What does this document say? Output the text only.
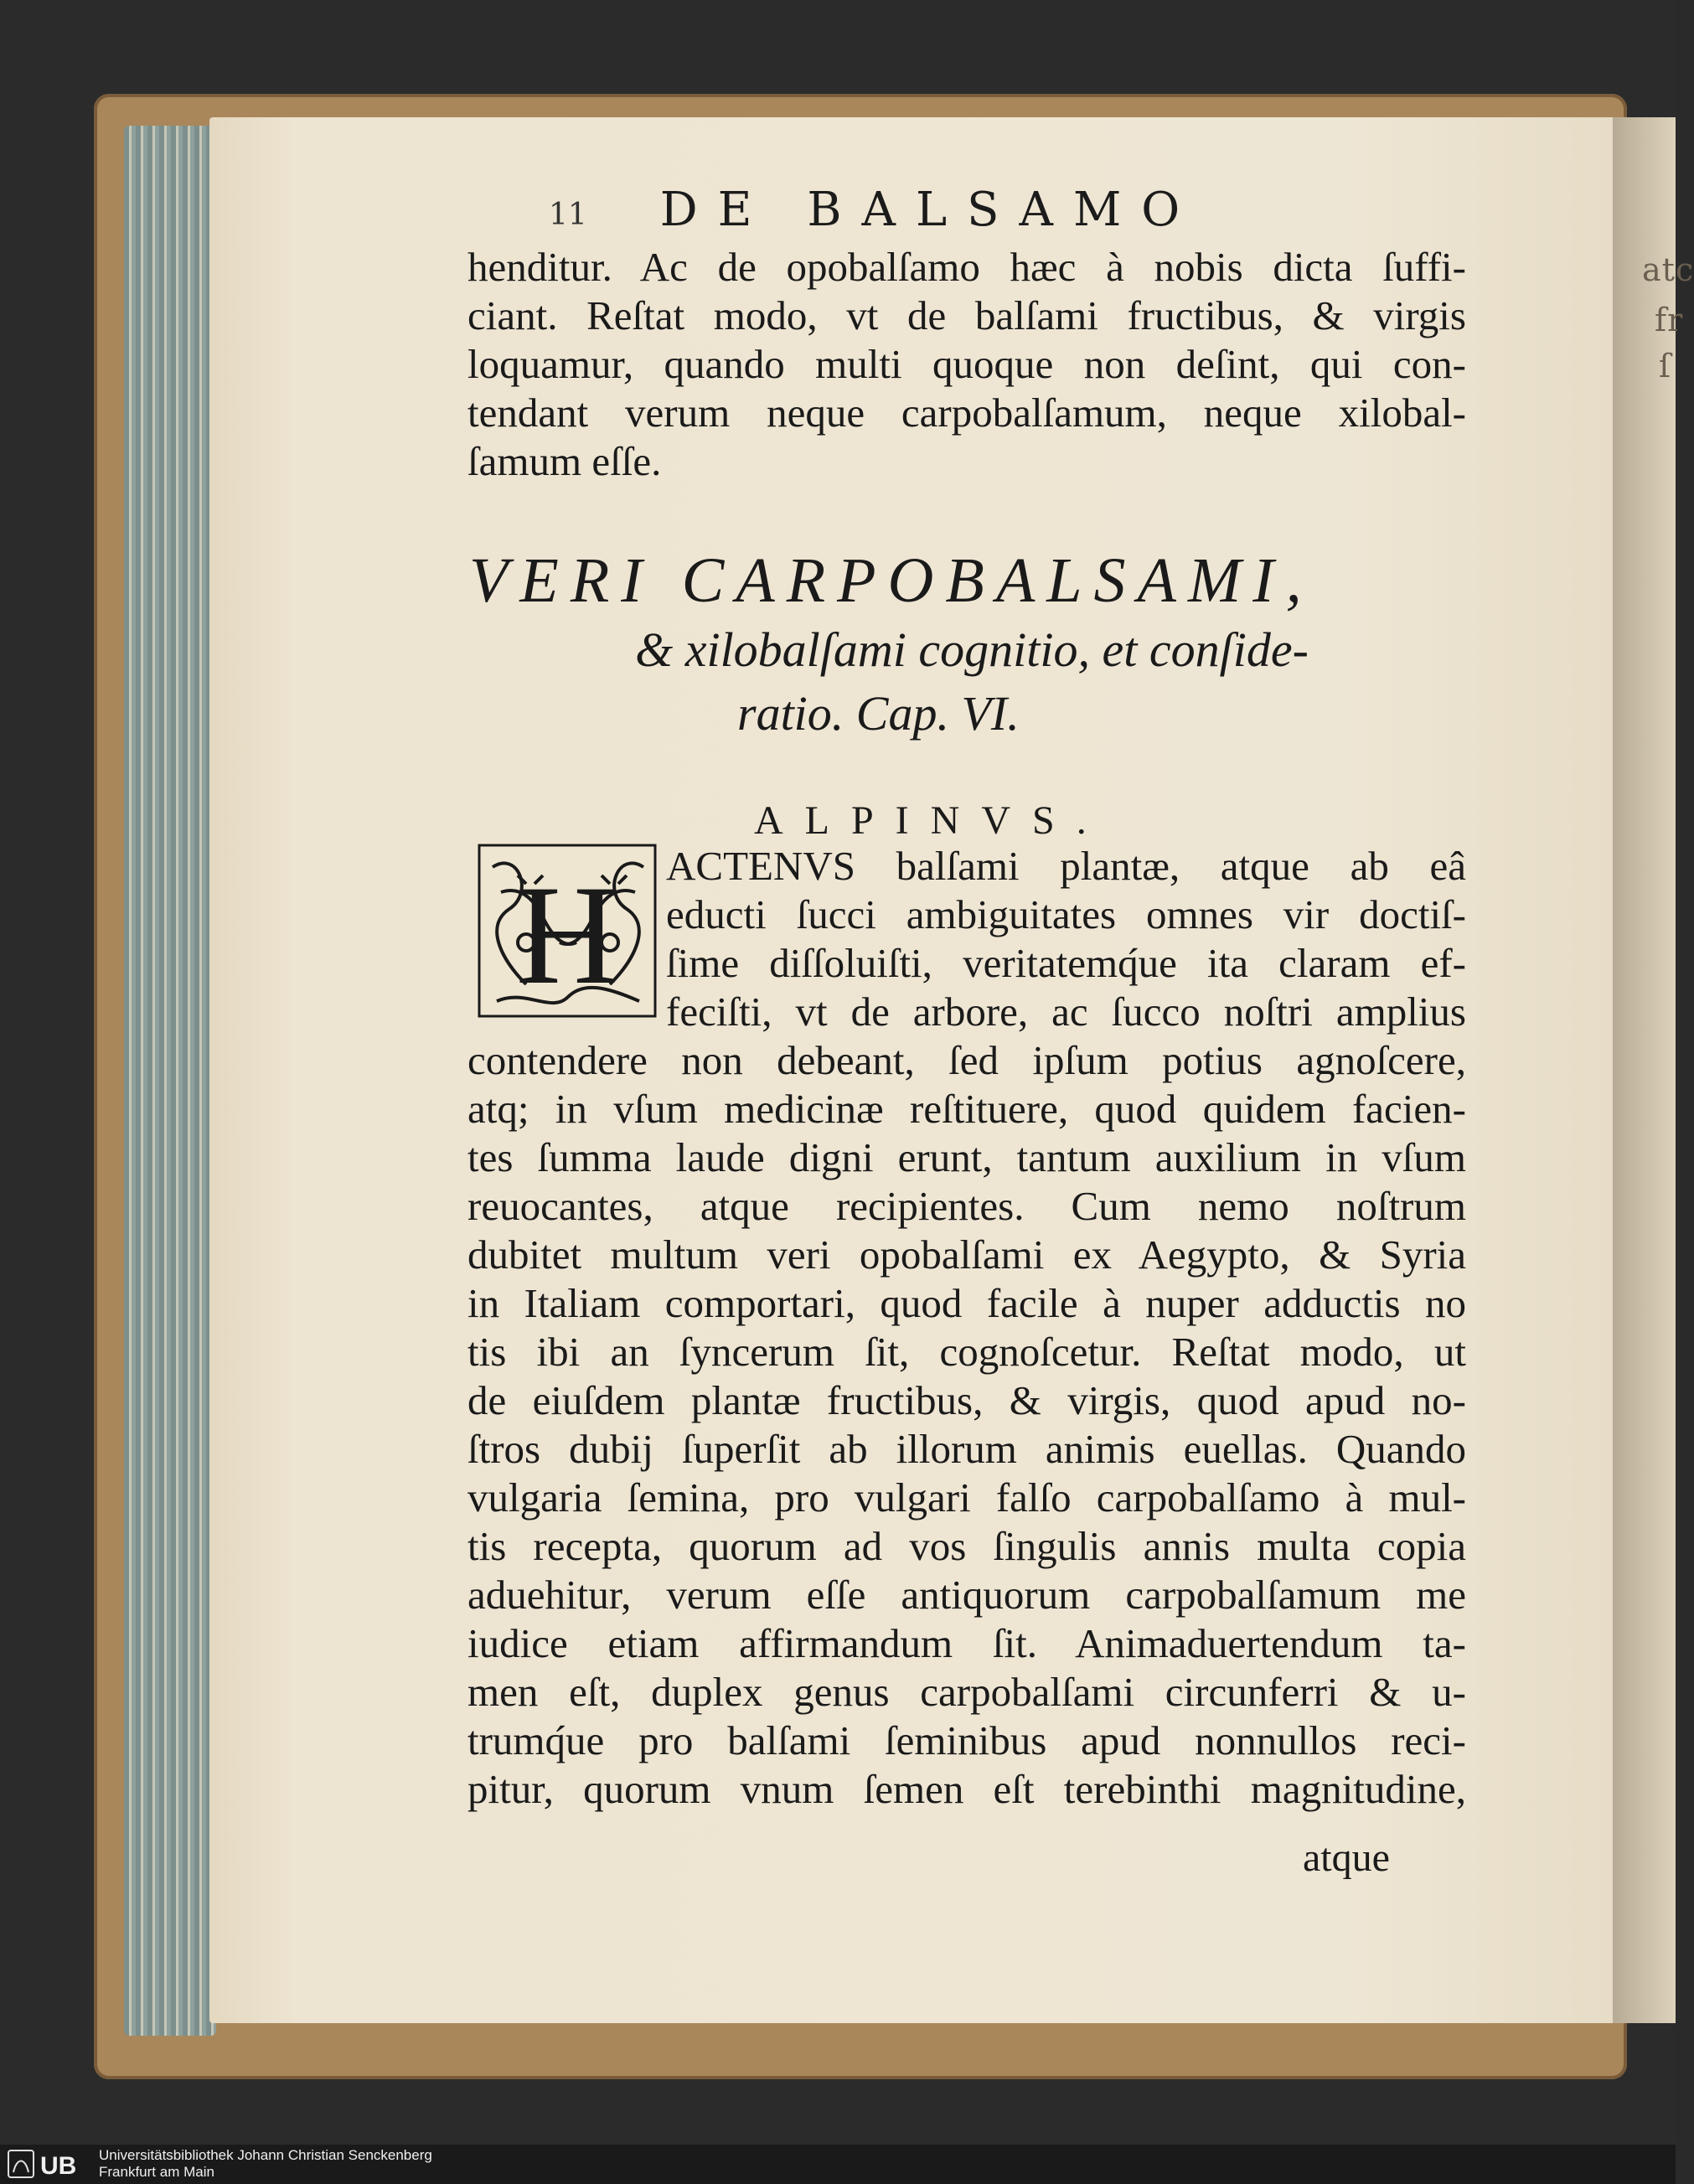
atc
fr
ſ
11	DE BALSAMO
henditur. Ac de opobalſamo hæc à nobis dicta ſuffi-
ciant. Reſtat modo, vt de balſami fructibus, & virgis
loquamur, quando multi quoque non deſint, qui con-
tendant verum neque carpobalſamum, neque xilobal-
ſamum eſſe.
VERI CARPOBALSAMI,
& xilobalſami cognitio, et conſide-
ratio. Cap. VI.
ALPINVS.
H ACTENVS balſami plantæ, atque ab eâ
educti ſucci ambiguitates omnes vir doctiſ-
ſime diſſoluiſti, veritatemq́ue ita claram ef-
feciſti, vt de arbore, ac ſucco noſtri amplius
contendere non debeant, ſed ipſum potius agnoſcere,
atq; in vſum medicinæ reſtituere, quod quidem facien-
tes ſumma laude digni erunt, tantum auxilium in vſum
reuocantes, atque recipientes. Cum nemo noſtrum
dubitet multum veri opobalſami ex Aegypto, & Syria
in Italiam comportari, quod facile à nuper adductis no
tis ibi an ſyncerum ſit, cognoſcetur. Reſtat modo, ut
de eiuſdem plantæ fructibus, & virgis, quod apud no-
ſtros dubij ſuperſit ab illorum animis euellas. Quando
vulgaria ſemina, pro vulgari falſo carpobalſamo à mul-
tis recepta, quorum ad vos ſingulis annis multa copia
aduehitur, verum eſſe antiquorum carpobalſamum me
iudice etiam affirmandum ſit. Animaduertendum ta-
men eſt, duplex genus carpobalſami circunferri & u-
trumq́ue pro balſami ſeminibus apud nonnullos reci-
pitur, quorum vnum ſemen eſt terebinthi magnitudine,
atque
UB Universitätsbibliothek Johann Christian Senckenberg
Frankfurt am Main
